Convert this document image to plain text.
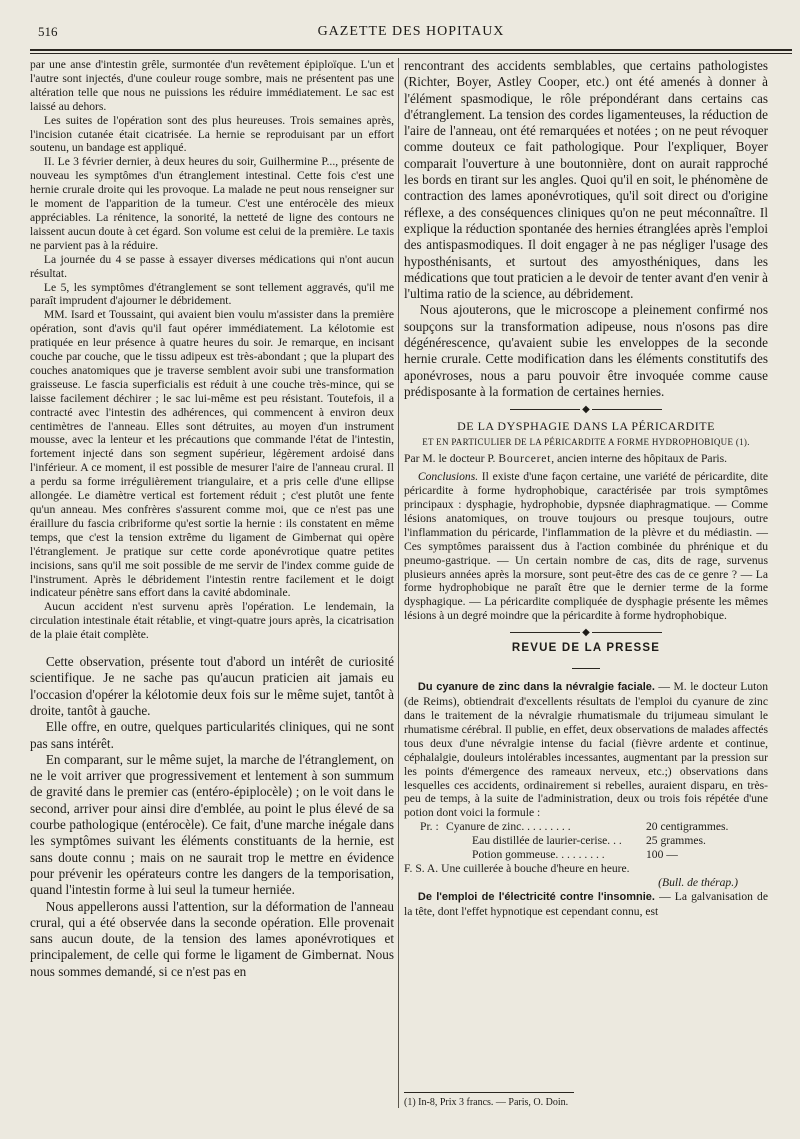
516	GAZETTE DES HOPITAUX

par une anse d'intestin grêle, surmontée d'un revêtement épiploïque. L'un et l'autre sont injectés, d'une couleur rouge sombre, mais ne présentent pas une altération telle que nous ne puissions les réduire immédiatement. Le sac est laissé au dehors.

Les suites de l'opération sont des plus heureuses. Trois semaines après, l'incision cutanée était cicatrisée. La hernie se reproduisant par un effort soutenu, un bandage est appliqué.

II. Le 3 février dernier, à deux heures du soir, Guilhermine P..., présente de nouveau les symptômes d'un étranglement intestinal. Cette fois c'est une hernie crurale droite qui les provoque. La malade ne peut nous renseigner sur le moment de l'apparition de la tumeur. C'est une entérocèle des mieux appréciables. La rénitence, la sonorité, la netteté de ligne des contours ne laissent aucun doute à cet égard. Son volume est celui de la première. Le taxis ne parvient pas à la réduire.

La journée du 4 se passe à essayer diverses médications qui n'ont aucun résultat.

Le 5, les symptômes d'étranglement se sont tellement aggravés, qu'il me paraît imprudent d'ajourner le débridement.

MM. Isard et Toussaint, qui avaient bien voulu m'assister dans la première opération, sont d'avis qu'il faut opérer immédiatement. La kélotomie est pratiquée en leur présence à quatre heures du soir. Je remarque, en incisant couche par couche, que le tissu adipeux est très-abondant ; que la plupart des couches anatomiques que je traverse semblent avoir subi une transformation graisseuse. Le fascia superficialis est réduit à une couche très-mince, qui se laisse facilement déchirer ; le sac lui-même est peu résistant. Toutefois, il a contracté avec l'intestin des adhérences, qui commencent à environ deux centimètres de l'anneau. Elles sont détruites, au moyen d'un instrument mousse, avec la lenteur et les précautions que commande l'état de l'intestin, fortement injecté dans son segment supérieur, légèrement ardoisé dans l'inférieur. A ce moment, il est possible de mesurer l'aire de l'anneau crural. Il a perdu sa forme irrégulièrement triangulaire, et a pris celle d'une ellipse allongée. Le diamètre vertical est fortement réduit ; c'est plutôt une fente qu'un anneau. Mes confrères s'assurent comme moi, que ce n'est pas une éraillure du fascia cribriforme qu'est sortie la hernie : ils constatent en même temps, que c'est la tension extrême du ligament de Gimbernat qui opère l'étranglement. Je pratique sur cette corde aponévrotique quatre petites incisions, sans qu'il me soit possible de me servir de l'index comme guide de l'instrument. Après le débridement l'intestin rentre facilement et le doigt indicateur pénètre sans effort dans la cavité abdominale.

Aucun accident n'est survenu après l'opération. Le lendemain, la circulation intestinale était rétablie, et vingt-quatre jours après, la cicatrisation de la plaie était complète.

Cette observation, présente tout d'abord un intérêt de curiosité scientifique. Je ne sache pas qu'aucun praticien ait jamais eu l'occasion d'opérer la kélotomie deux fois sur le même sujet, tantôt à droite, tantôt à gauche.

Elle offre, en outre, quelques particularités cliniques, qui ne sont pas sans intérêt.

En comparant, sur le même sujet, la marche de l'étranglement, on ne le voit arriver que progressivement et lentement à son summum de gravité dans le premier cas (entéro-épiplocèle) ; on le voit dans le second, arriver pour ainsi dire d'emblée, au point le plus élevé de sa courbe pathologique (entérocèle). Ce fait, d'une marche inégale dans les symptômes suivant les éléments constituants de la hernie, est sans doute connu ; mais on ne saurait trop le mettre en évidence pour prévenir les opérateurs contre les dangers de la temporisation, quand l'intestin forme à lui seul la tumeur herniée.

Nous appellerons aussi l'attention, sur la déformation de l'anneau crural, qui a été observée dans la seconde opération. Elle provenait sans aucun doute, de la tension des lames aponévrotiques et principalement, de celle qui forme le ligament de Gimbernat. Nous nous sommes demandé, si ce n'est pas en

rencontrant des accidents semblables, que certains pathologistes (Richter, Boyer, Astley Cooper, etc.) ont été amenés à donner à l'élément spasmodique, le rôle prépondérant dans certains cas d'étranglement. La tension des cordes ligamenteuses, la réduction de l'aire de l'anneau, ont été remarquées et notées ; on ne peut révoquer comme douteux ce fait pathologique. Pour l'expliquer, Boyer comparait l'ouverture à une boutonnière, dont on aurait rapproché les bords en tirant sur les angles. Quoi qu'il en soit, le phénomène de contraction des lames aponévrotiques, qu'il soit direct ou d'origine réflexe, a des conséquences cliniques qu'on ne peut méconnaître. Il explique la réduction spontanée des hernies étranglées après l'emploi des antispasmodiques. Il doit engager à ne pas négliger l'usage des hyposthénisants, et surtout des amyosthéniques, dans les médications que tout praticien a le devoir de tenter avant d'en venir à l'ultima ratio de la science, au débridement.

Nous ajouterons, que le microscope a pleinement confirmé nos soupçons sur la transformation adipeuse, nous n'osons pas dire dégénérescence, qu'avaient subie les enveloppes de la seconde hernie crurale. Cette modification dans les éléments constitutifs des aponévroses, nous a paru pouvoir être invoquée comme cause prédisposante à la formation de certaines hernies.

◆
DE LA DYSPHAGIE DANS LA PÉRICARDITE
ET EN PARTICULIER DE LA PÉRICARDITE A FORME HYDROPHOBIQUE (1).
Par M. le docteur P. Bourceret, ancien interne des hôpitaux de Paris.

Conclusions. Il existe d'une façon certaine, une variété de péricardite, dite péricardite à forme hydrophobique, caractérisée par trois symptômes principaux : dysphagie, hydrophobie, dypsnée diaphragmatique. — Comme lésions anatomiques, on trouve toujours ou presque toujours, outre l'inflammation du péricarde, l'inflammation de la plèvre et du médiastin. — Ces symptômes paraissent dus à l'action combinée du phrénique et du pneumo-gastrique. — Un certain nombre de cas, dits de rage, survenus plusieurs années après la morsure, sont peut-être des cas de ce genre ? — La forme hydrophobique ne paraît être que le dernier terme de la forme dysphagique. — La péricardite compliquée de dysphagie présente les mêmes lésions à un degré moindre que la péricardite à forme hydrophobique.

◆
REVUE DE LA PRESSE

Du cyanure de zinc dans la névralgie faciale. — M. le docteur Luton (de Reims), obtiendrait d'excellents résultats de l'emploi du cyanure de zinc dans le traitement de la névralgie rhumatismale du trijumeau simulant le rhumatisme cérébral. Il publie, en effet, deux observations de malades affectés tous deux d'une névralgie intense du facial (fièvre ardente et continue, céphalalgie, douleurs intolérables incessantes, augmentant par la pression sur les points d'émergence des rameaux nerveux, etc.;) observations dans lesquelles ces accidents, ordinairement si rebelles, auraient disparu, en très-peu de temps, à la suite de l'administration, deux ou trois fois répétée d'une potion dont voici la formule :

Pr. : Cyanure de zinc. . . . . . . . .	20 centigrammes.
Eau distillée de laurier-cerise. . .	25 grammes.
Potion gommeuse. . . . . . . . .	100 —
F. S. A. Une cuillerée à bouche d'heure en heure.
(Bull. de thérap.)

De l'emploi de l'électricité contre l'insomnie. — La galvanisation de la tête, dont l'effet hypnotique est cependant connu, est

(1) In-8, Prix 3 francs. — Paris, O. Doin.
